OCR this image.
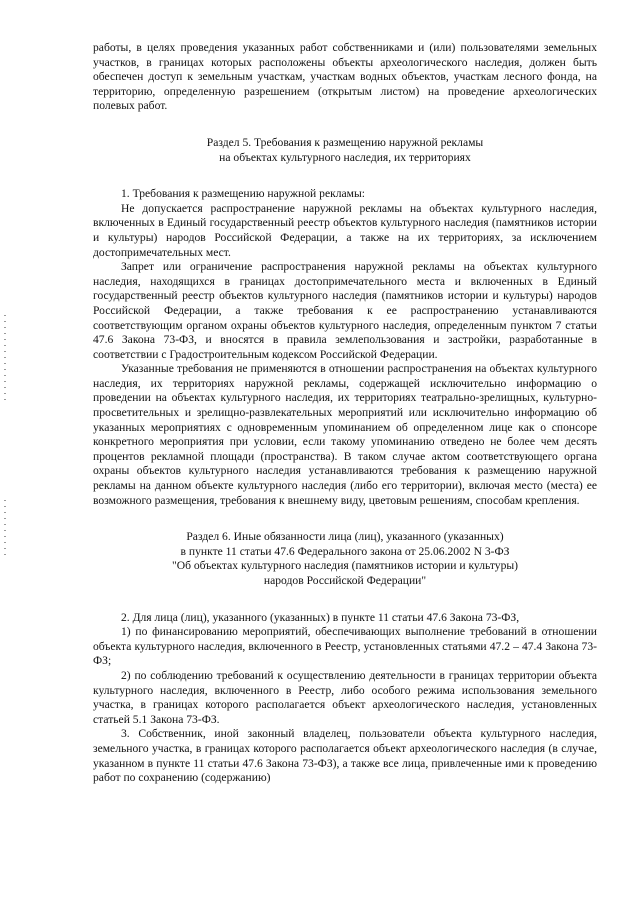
работы, в целях проведения указанных работ собственниками и (или) пользователями земельных участков, в границах которых расположены объекты археологического наследия, должен быть обеспечен доступ к земельным участкам, участкам водных объектов, участкам лесного фонда, на территорию, определенную разрешением (открытым листом) на проведение археологических полевых работ.

Раздел 5. Требования к размещению наружной рекламы
на объектах культурного наследия, их территориях

1. Требования к размещению наружной рекламы:

Не допускается распространение наружной рекламы на объектах культурного наследия, включенных в Единый государственный реестр объектов культурного наследия (памятников истории и культуры) народов Российской Федерации, а также на их территориях, за исключением достопримечательных мест.

Запрет или ограничение распространения наружной рекламы на объектах культурного наследия, находящихся в границах достопримечательного места и включенных в Единый государственный реестр объектов культурного наследия (памятников истории и культуры) народов Российской Федерации, а также требования к ее распространению устанавливаются соответствующим органом охраны объектов культурного наследия, определенным пунктом 7 статьи 47.6 Закона 73-ФЗ, и вносятся в правила землепользования и застройки, разработанные в соответствии с Градостроительным кодексом Российской Федерации.

Указанные требования не применяются в отношении распространения на объектах культурного наследия, их территориях наружной рекламы, содержащей исключительно информацию о проведении на объектах культурного наследия, их территориях театрально-зрелищных, культурно-просветительных и зрелищно-развлекательных мероприятий или исключительно информацию об указанных мероприятиях с одновременным упоминанием об определенном лице как о спонсоре конкретного мероприятия при условии, если такому упоминанию отведено не более чем десять процентов рекламной площади (пространства). В таком случае актом соответствующего органа охраны объектов культурного наследия устанавливаются требования к размещению наружной рекламы на данном объекте культурного наследия (либо его территории), включая место (места) ее возможного размещения, требования к внешнему виду, цветовым решениям, способам крепления.

Раздел 6. Иные обязанности лица (лиц), указанного (указанных)
в пункте 11 статьи 47.6 Федерального закона от 25.06.2002 N 3-ФЗ
"Об объектах культурного наследия (памятников истории и культуры)
народов Российской Федерации"

2. Для лица (лиц), указанного (указанных) в пункте 11 статьи 47.6 Закона 73-ФЗ,

1) по финансированию мероприятий, обеспечивающих выполнение требований в отношении объекта культурного наследия, включенного в Реестр, установленных статьями 47.2 – 47.4 Закона 73-ФЗ;

2) по соблюдению требований к осуществлению деятельности в границах территории объекта культурного наследия, включенного в Реестр, либо особого режима использования земельного участка, в границах которого располагается объект археологического наследия, установленных статьей 5.1 Закона 73-ФЗ.

3. Собственник, иной законный владелец, пользователи объекта культурного наследия, земельного участка, в границах которого располагается объект археологического наследия (в случае, указанном в пункте 11 статьи 47.6 Закона 73-ФЗ), а также все лица, привлеченные ими к проведению работ по сохранению (содержанию)
